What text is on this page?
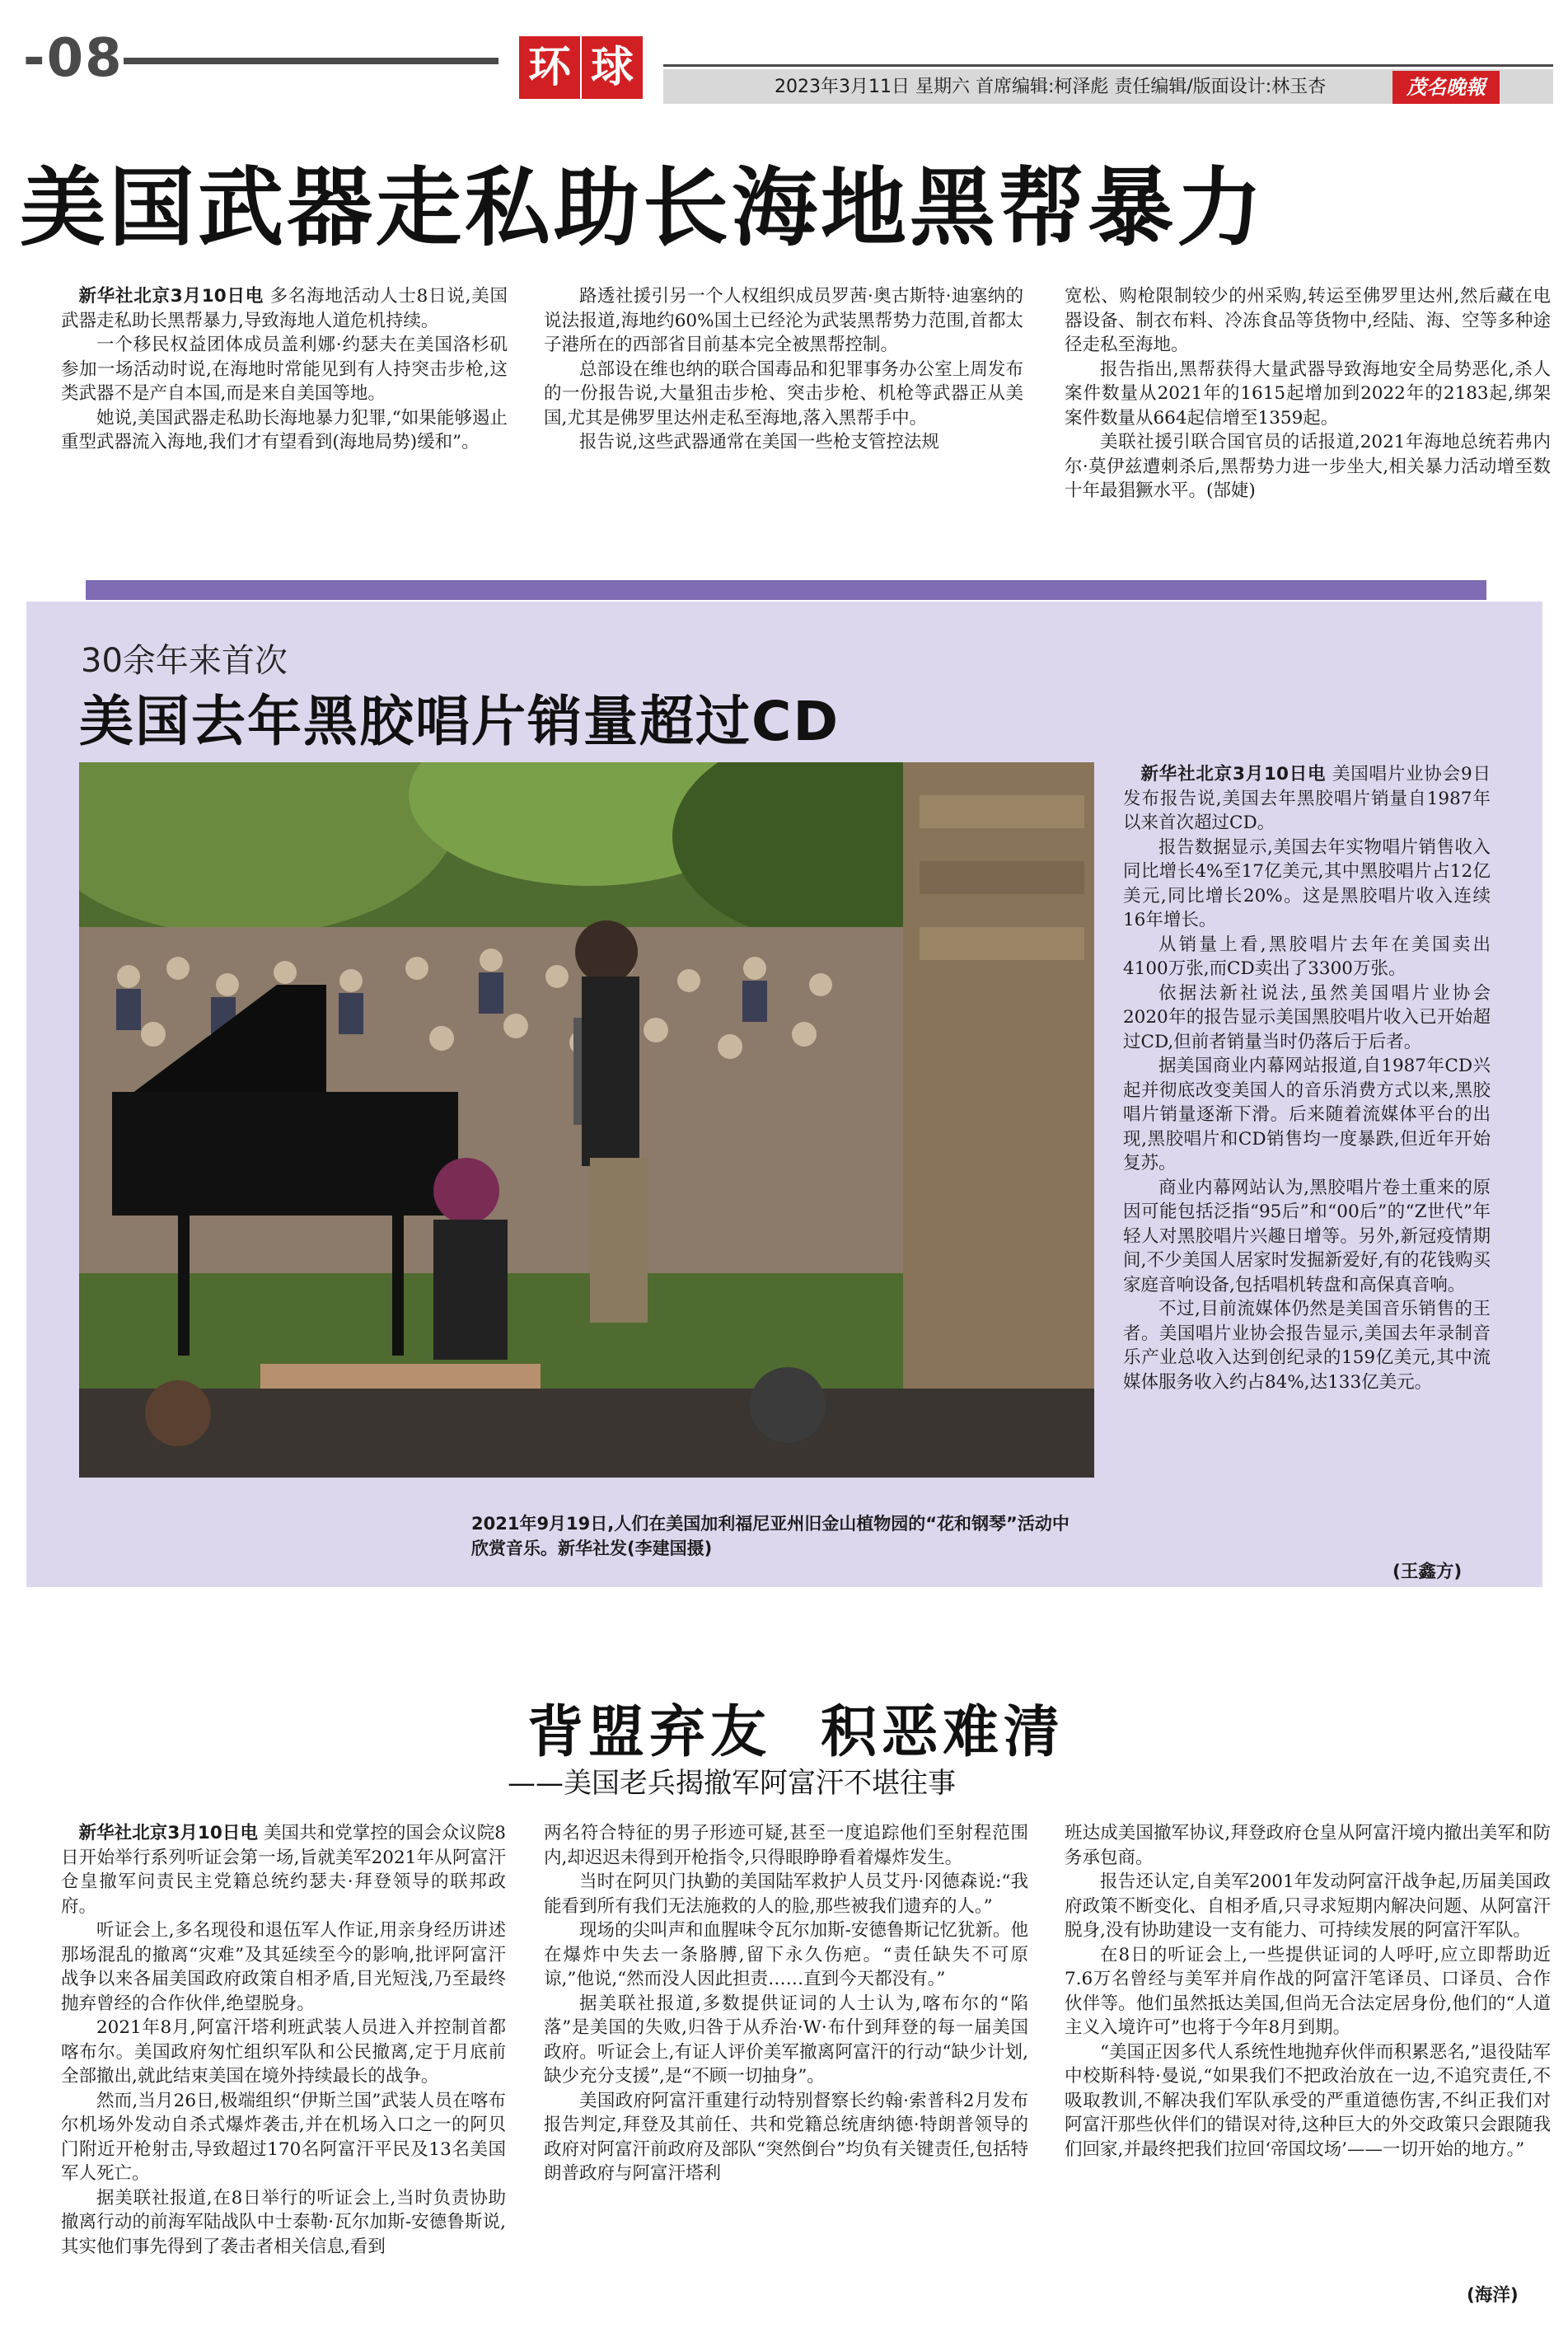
-08	环 球	2023年3月11日 星期六 首席编辑:柯泽彪 责任编辑/版面设计:林玉杏	茂名晚報
美国武器走私助长海地黑帮暴力

新华社北京3月10日电 多名海地活动人士8日说,美国武器走私助长黑帮暴力,导致海地人道危机持续。

一个移民权益团体成员盖利娜·约瑟夫在美国洛杉矶参加一场活动时说,在海地时常能见到有人持突击步枪,这类武器不是产自本国,而是来自美国等地。

她说,美国武器走私助长海地暴力犯罪,“如果能够遏止重型武器流入海地,我们才有望看到(海地局势)缓和”。

路透社援引另一个人权组织成员罗茜·奥古斯特·迪塞纳的说法报道,海地约60%国土已经沦为武装黑帮势力范围,首都太子港所在的西部省目前基本完全被黑帮控制。

总部设在维也纳的联合国毒品和犯罪事务办公室上周发布的一份报告说,大量狙击步枪、突击步枪、机枪等武器正从美国,尤其是佛罗里达州走私至海地,落入黑帮手中。

报告说,这些武器通常在美国一些枪支管控法规

宽松、购枪限制较少的州采购,转运至佛罗里达州,然后藏在电器设备、制衣布料、冷冻食品等货物中,经陆、海、空等多种途径走私至海地。

报告指出,黑帮获得大量武器导致海地安全局势恶化,杀人案件数量从2021年的1615起增加到2022年的2183起,绑架案件数量从664起信增至1359起。

美联社援引联合国官员的话报道,2021年海地总统若弗内尔·莫伊兹遭刺杀后,黑帮势力进一步坐大,相关暴力活动增至数十年最猖獗水平。(郜婕)

30余年来首次
美国去年黑胶唱片销量超过CD
2021年9月19日,人们在美国加利福尼亚州旧金山植物园的“花和钢琴”活动中欣赏音乐。新华社发(李建国摄)

新华社北京3月10日电 美国唱片业协会9日发布报告说,美国去年黑胶唱片销量自1987年以来首次超过CD。

报告数据显示,美国去年实物唱片销售收入同比增长4%至17亿美元,其中黑胶唱片占12亿美元,同比增长20%。这是黑胶唱片收入连续16年增长。

从销量上看,黑胶唱片去年在美国卖出4100万张,而CD卖出了3300万张。

依据法新社说法,虽然美国唱片业协会2020年的报告显示美国黑胶唱片收入已开始超过CD,但前者销量当时仍落后于后者。

据美国商业内幕网站报道,自1987年CD兴起并彻底改变美国人的音乐消费方式以来,黑胶唱片销量逐渐下滑。后来随着流媒体平台的出现,黑胶唱片和CD销售均一度暴跌,但近年开始复苏。

商业内幕网站认为,黑胶唱片卷土重来的原因可能包括泛指“95后”和“00后”的“Z世代”年轻人对黑胶唱片兴趣日增等。另外,新冠疫情期间,不少美国人居家时发掘新爱好,有的花钱购买家庭音响设备,包括唱机转盘和高保真音响。

不过,目前流媒体仍然是美国音乐销售的王者。美国唱片业协会报告显示,美国去年录制音乐产业总收入达到创纪录的159亿美元,其中流媒体服务收入约占84%,达133亿美元。

(王鑫方)
背盟弃友 积恶难清
——美国老兵揭撤军阿富汗不堪往事

新华社北京3月10日电 美国共和党掌控的国会众议院8日开始举行系列听证会第一场,旨就美军2021年从阿富汗仓皇撤军问责民主党籍总统约瑟夫·拜登领导的联邦政府。

听证会上,多名现役和退伍军人作证,用亲身经历讲述那场混乱的撤离“灾难”及其延续至今的影响,批评阿富汗战争以来各届美国政府政策自相矛盾,目光短浅,乃至最终抛弃曾经的合作伙伴,绝望脱身。

2021年8月,阿富汗塔利班武装人员进入并控制首都喀布尔。美国政府匆忙组织军队和公民撤离,定于月底前全部撤出,就此结束美国在境外持续最长的战争。

然而,当月26日,极端组织“伊斯兰国”武装人员在喀布尔机场外发动自杀式爆炸袭击,并在机场入口之一的阿贝门附近开枪射击,导致超过170名阿富汗平民及13名美国军人死亡。

据美联社报道,在8日举行的听证会上,当时负责协助撤离行动的前海军陆战队中士泰勒·瓦尔加斯-安德鲁斯说,其实他们事先得到了袭击者相关信息,看到

两名符合特征的男子形迹可疑,甚至一度追踪他们至射程范围内,却迟迟未得到开枪指令,只得眼睁睁看着爆炸发生。

当时在阿贝门执勤的美国陆军救护人员艾丹·冈德森说:“我能看到所有我们无法施救的人的脸,那些被我们遗弃的人。”

现场的尖叫声和血腥味令瓦尔加斯-安德鲁斯记忆犹新。他在爆炸中失去一条胳膊,留下永久伤疤。“责任缺失不可原谅,”他说,“然而没人因此担责……直到今天都没有。”

据美联社报道,多数提供证词的人士认为,喀布尔的“陷落”是美国的失败,归咎于从乔治·W·布什到拜登的每一届美国政府。听证会上,有证人评价美军撤离阿富汗的行动“缺少计划,缺少充分支援”,是“不顾一切抽身”。

美国政府阿富汗重建行动特别督察长约翰·索普科2月发布报告判定,拜登及其前任、共和党籍总统唐纳德·特朗普领导的政府对阿富汗前政府及部队“突然倒台”均负有关键责任,包括特朗普政府与阿富汗塔利

班达成美国撤军协议,拜登政府仓皇从阿富汗境内撤出美军和防务承包商。

报告还认定,自美军2001年发动阿富汗战争起,历届美国政府政策不断变化、自相矛盾,只寻求短期内解决问题、从阿富汗脱身,没有协助建设一支有能力、可持续发展的阿富汗军队。

在8日的听证会上,一些提供证词的人呼吁,应立即帮助近7.6万名曾经与美军并肩作战的阿富汗笔译员、口译员、合作伙伴等。他们虽然抵达美国,但尚无合法定居身份,他们的“人道主义入境许可”也将于今年8月到期。

“美国正因多代人系统性地抛弃伙伴而积累恶名,”退役陆军中校斯科特·曼说,“如果我们不把政治放在一边,不追究责任,不吸取教训,不解决我们军队承受的严重道德伤害,不纠正我们对阿富汗那些伙伴们的错误对待,这种巨大的外交政策只会跟随我们回家,并最终把我们拉回‘帝国坟场’——一切开始的地方。”

(海洋)
